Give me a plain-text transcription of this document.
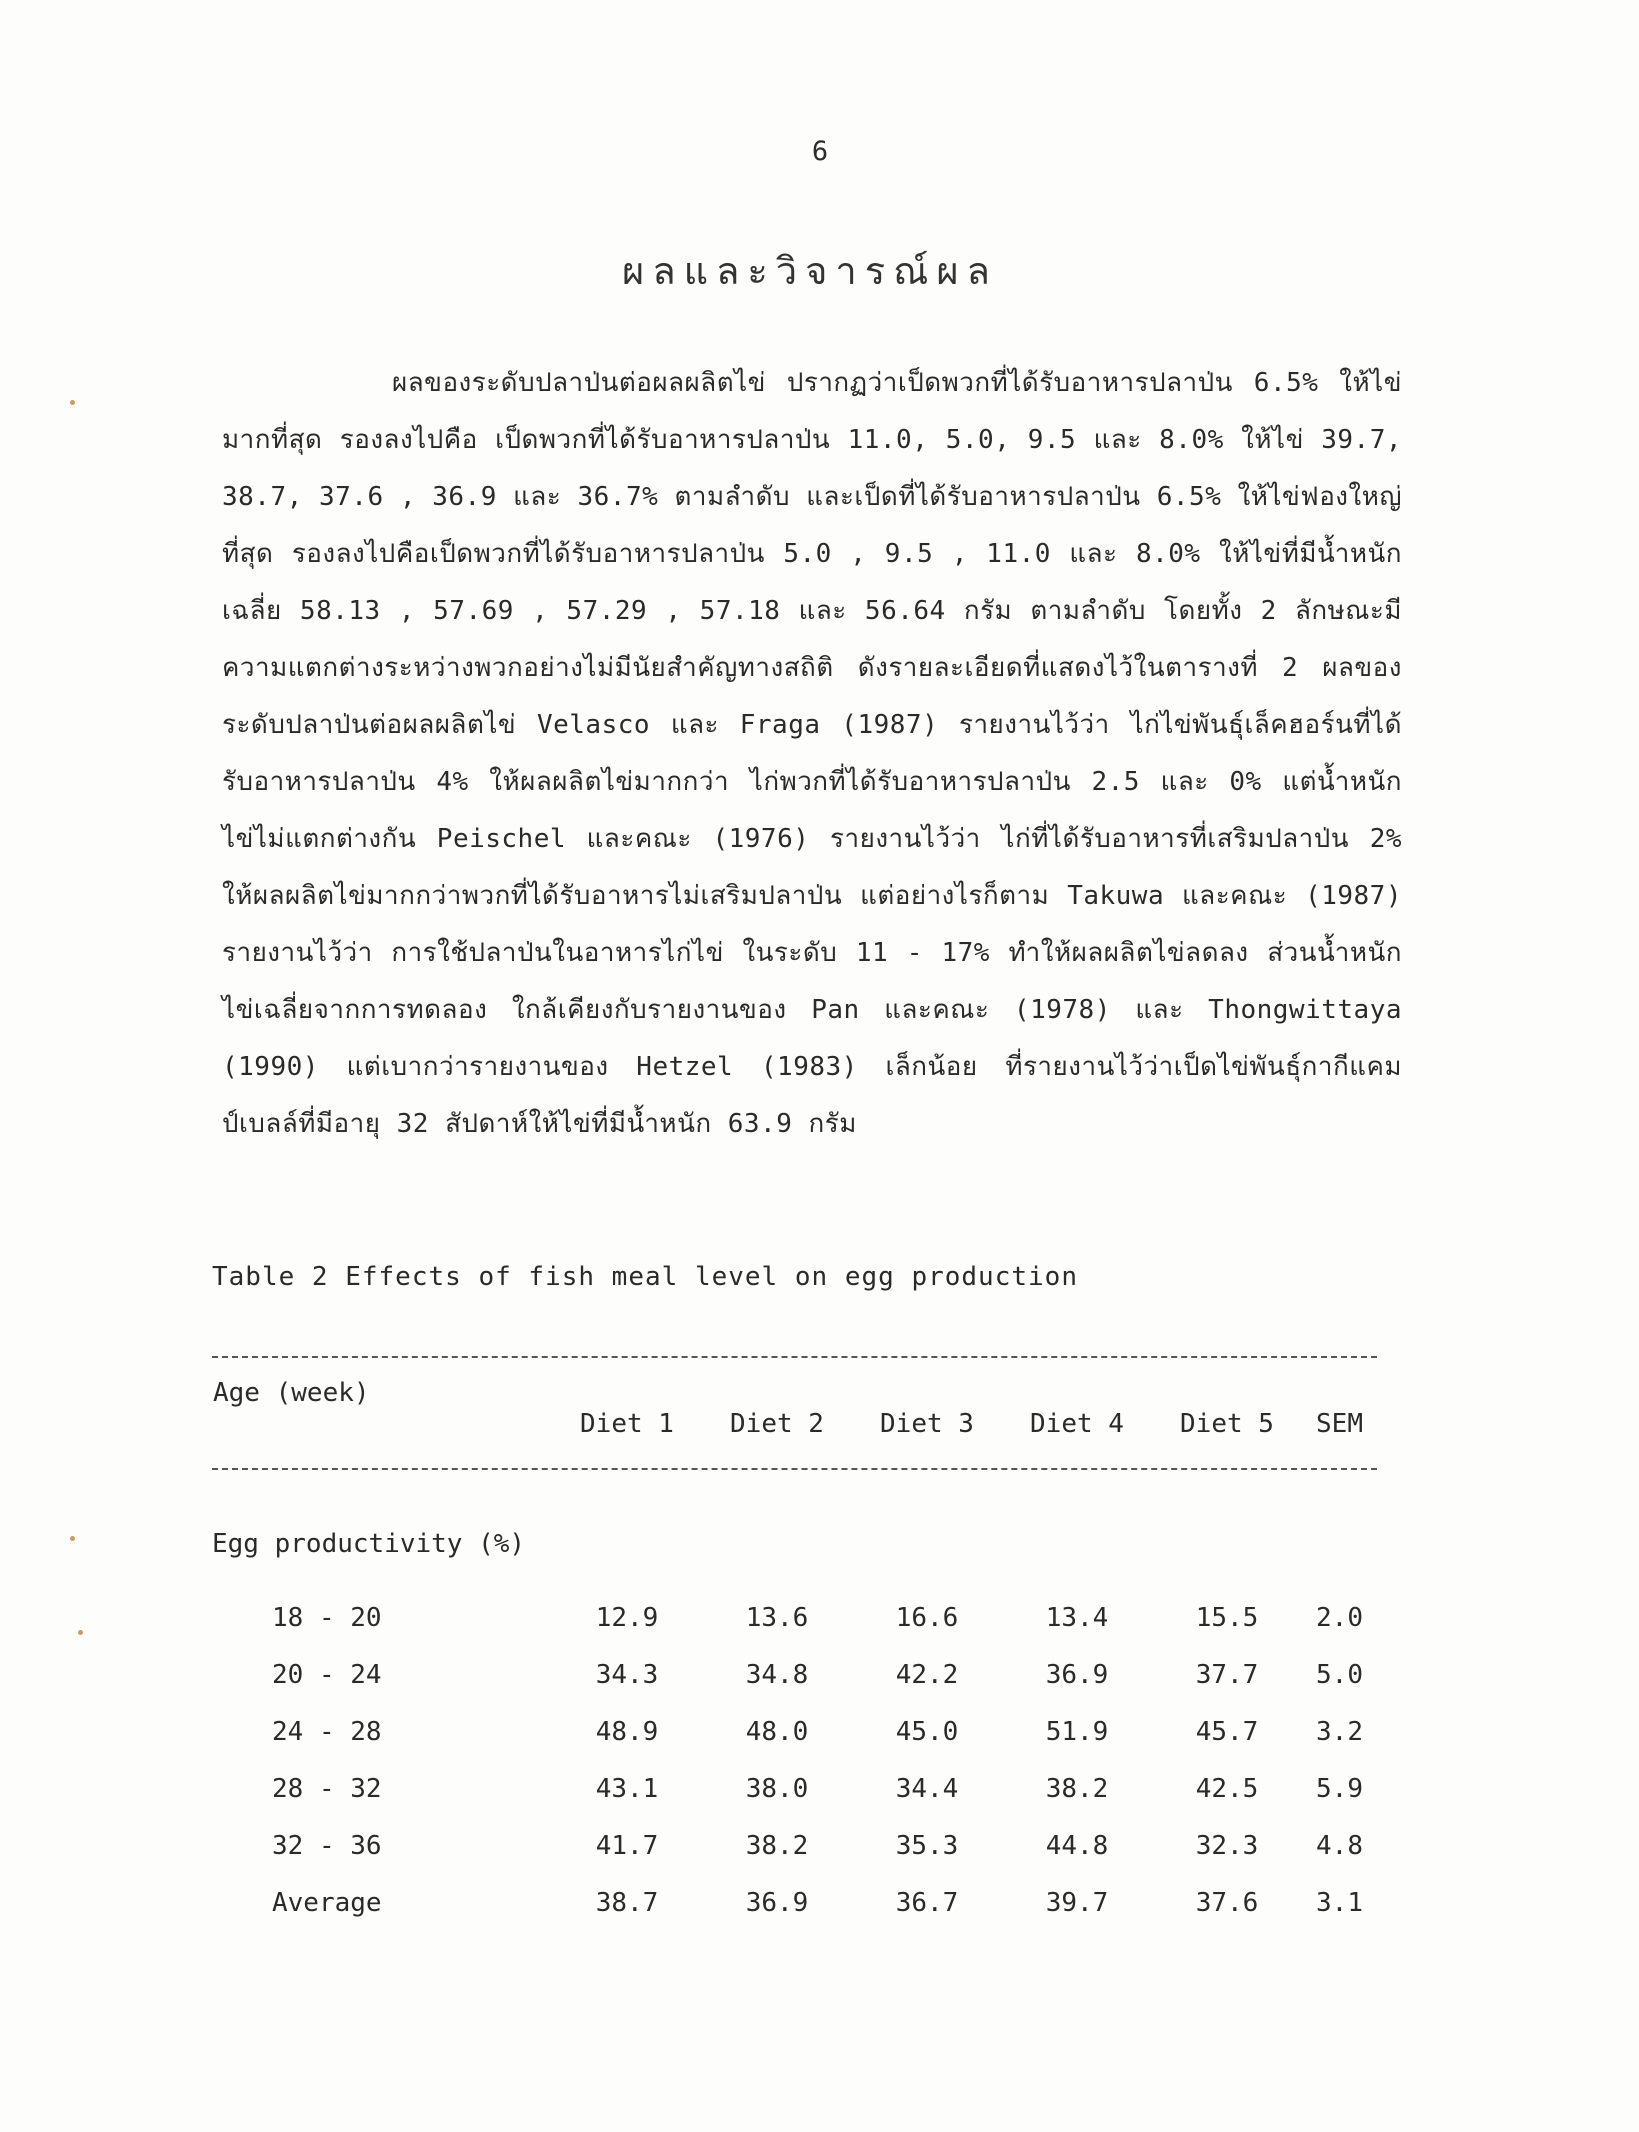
6
ผลและวิจารณ์ผล
ผลของระดับปลาป่นต่อผลผลิตไข่ ปรากฏว่าเป็ดพวกที่ได้รับอาหารปลาป่น 6.5% ให้ไข่มากที่สุด รองลงไปคือ เป็ดพวกที่ได้รับอาหารปลาป่น 11.0, 5.0, 9.5 และ 8.0% ให้ไข่ 39.7, 38.7, 37.6 , 36.9 และ 36.7% ตามลำดับ และเป็ดที่ได้รับอาหารปลาป่น 6.5% ให้ไข่ฟองใหญ่ที่สุด รองลงไปคือเป็ดพวกที่ได้รับอาหารปลาป่น 5.0 , 9.5 , 11.0 และ 8.0% ให้ไข่ที่มีน้ำหนักเฉลี่ย 58.13 , 57.69 , 57.29 , 57.18 และ 56.64 กรัม ตามลำดับ โดยทั้ง 2 ลักษณะมีความแตกต่างระหว่างพวกอย่างไม่มีนัยสำคัญทางสถิติ ดังรายละเอียดที่แสดงไว้ในตารางที่ 2 ผลของระดับปลาป่นต่อผลผลิตไข่ Velasco และ Fraga (1987) รายงานไว้ว่า ไก่ไข่พันธุ์เล็คฮอร์นที่ได้รับอาหารปลาป่น 4% ให้ผลผลิตไข่มากกว่า ไก่พวกที่ได้รับอาหารปลาป่น 2.5 และ 0% แต่น้ำหนักไข่ไม่แตกต่างกัน Peischel และคณะ (1976) รายงานไว้ว่า ไก่ที่ได้รับอาหารที่เสริมปลาป่น 2% ให้ผลผลิตไข่มากกว่าพวกที่ได้รับอาหารไม่เสริมปลาป่น แต่อย่างไรก็ตาม Takuwa และคณะ (1987) รายงานไว้ว่า การใช้ปลาป่นในอาหารไก่ไข่ ในระดับ 11 - 17% ทำให้ผลผลิตไข่ลดลง ส่วนน้ำหนักไข่เฉลี่ยจากการทดลอง ใกล้เคียงกับรายงานของ Pan และคณะ (1978) และ Thongwittaya (1990) แต่เบากว่ารายงานของ Hetzel (1983) เล็กน้อย ที่รายงานไว้ว่าเป็ดไข่พันธุ์กากีแคมป์เบลล์ที่มีอายุ 32 สัปดาห์ให้ไข่ที่มีน้ำหนัก 63.9 กรัม
Table 2 Effects of fish meal level on egg production
Age (week)	Diet 1	Diet 2	Diet 3	Diet 4	Diet 5	SEM
Egg productivity (%)						
18 - 20	12.9	13.6	16.6	13.4	15.5	2.0
20 - 24	34.3	34.8	42.2	36.9	37.7	5.0
24 - 28	48.9	48.0	45.0	51.9	45.7	3.2
28 - 32	43.1	38.0	34.4	38.2	42.5	5.9
32 - 36	41.7	38.2	35.3	44.8	32.3	4.8
Average	38.7	36.9	36.7	39.7	37.6	3.1
